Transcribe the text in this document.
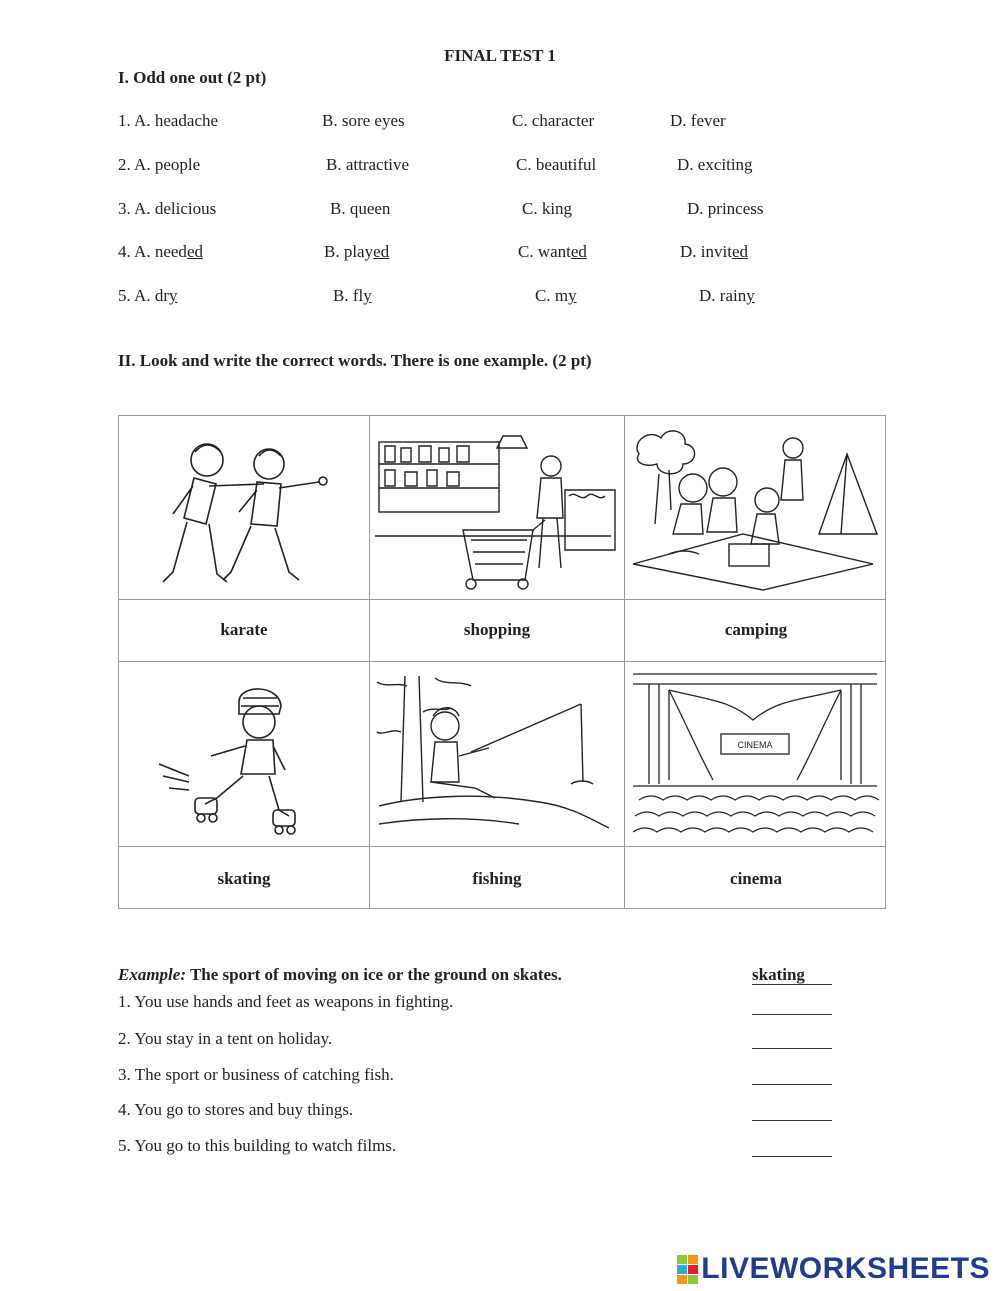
FINAL TEST 1
I. Odd one out (2 pt)
1. A. headache	B. sore eyes	C. character	D. fever
2. A. people	B. attractive	C. beautiful	D. exciting
3. A. delicious	B. queen	C. king	D. princess
4. A. needed	B. played	C. wanted	D. invited
5. A. dry	B. fly	C. my	D. rainy
II. Look and write the correct words. There is one example. (2 pt)
CINEMA
karate	shopping	camping
skating	fishing	cinema
Example: The sport of moving on ice or the ground on skates.	skating
1. You use hands and feet as weapons in fighting.
2. You stay in a tent on holiday.
3. The sport or business of catching fish.
4. You go to stores and buy things.
5. You go to this building to watch films.
LIVEWORKSHEETS
